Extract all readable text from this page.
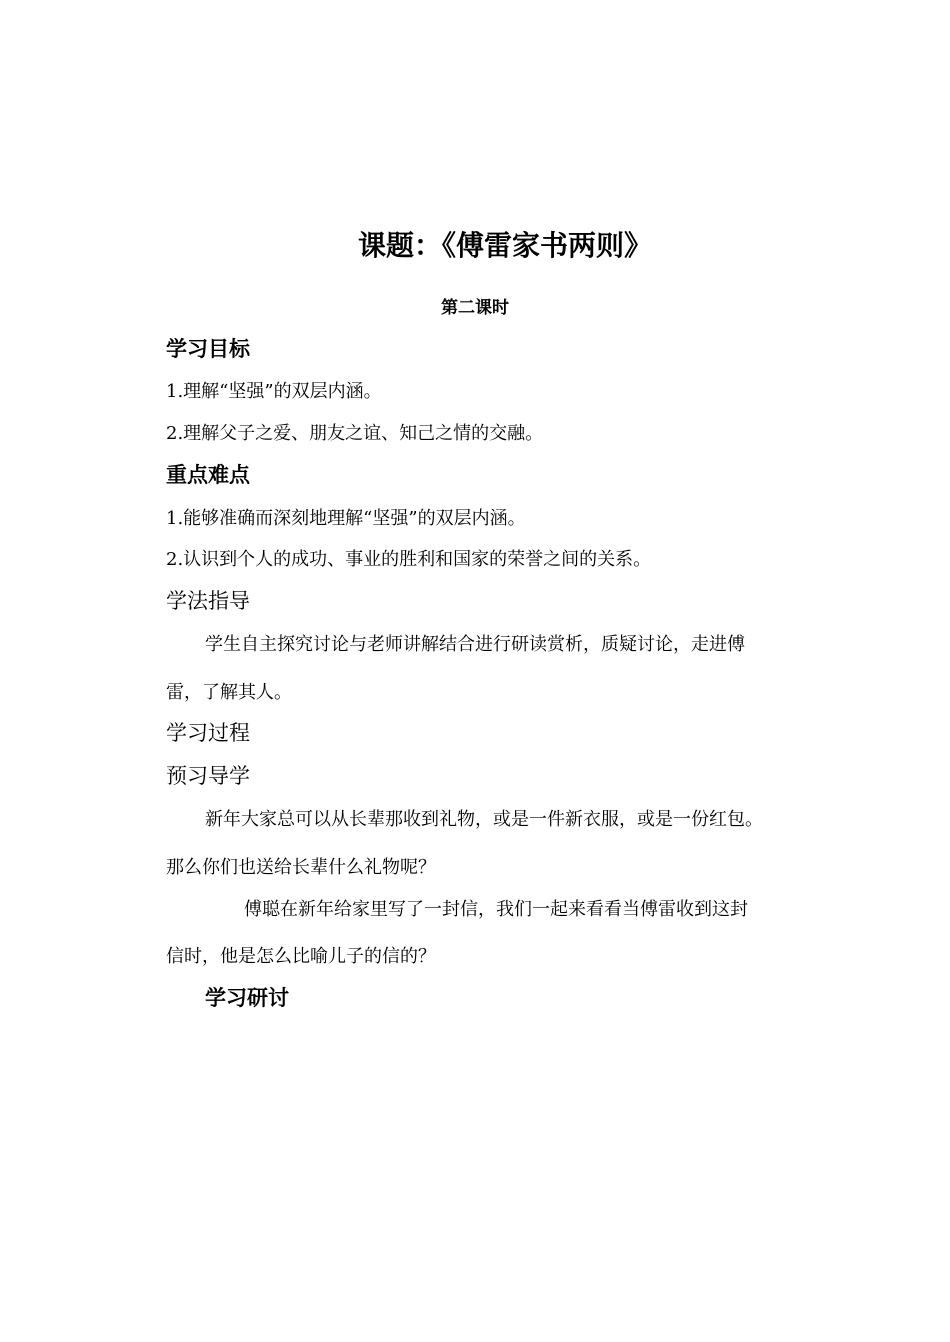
课题：《傅雷家书两则》
第二课时
学习目标
1.理解“坚强”的双层内涵。
2.理解父子之爱、朋友之谊、知己之情的交融。
重点难点
1.能够准确而深刻地理解“坚强”的双层内涵。
2.认识到个人的成功、事业的胜利和国家的荣誉之间的关系。
学法指导
学生自主探究讨论与老师讲解结合进行研读赏析，质疑讨论，走进傅
雷，了解其人。
学习过程
预习导学
新年大家总可以从长辈那收到礼物，或是一件新衣服，或是一份红包。
那么你们也送给长辈什么礼物呢？
傅聪在新年给家里写了一封信，我们一起来看看当傅雷收到这封
信时，他是怎么比喻儿子的信的？
学习研讨
